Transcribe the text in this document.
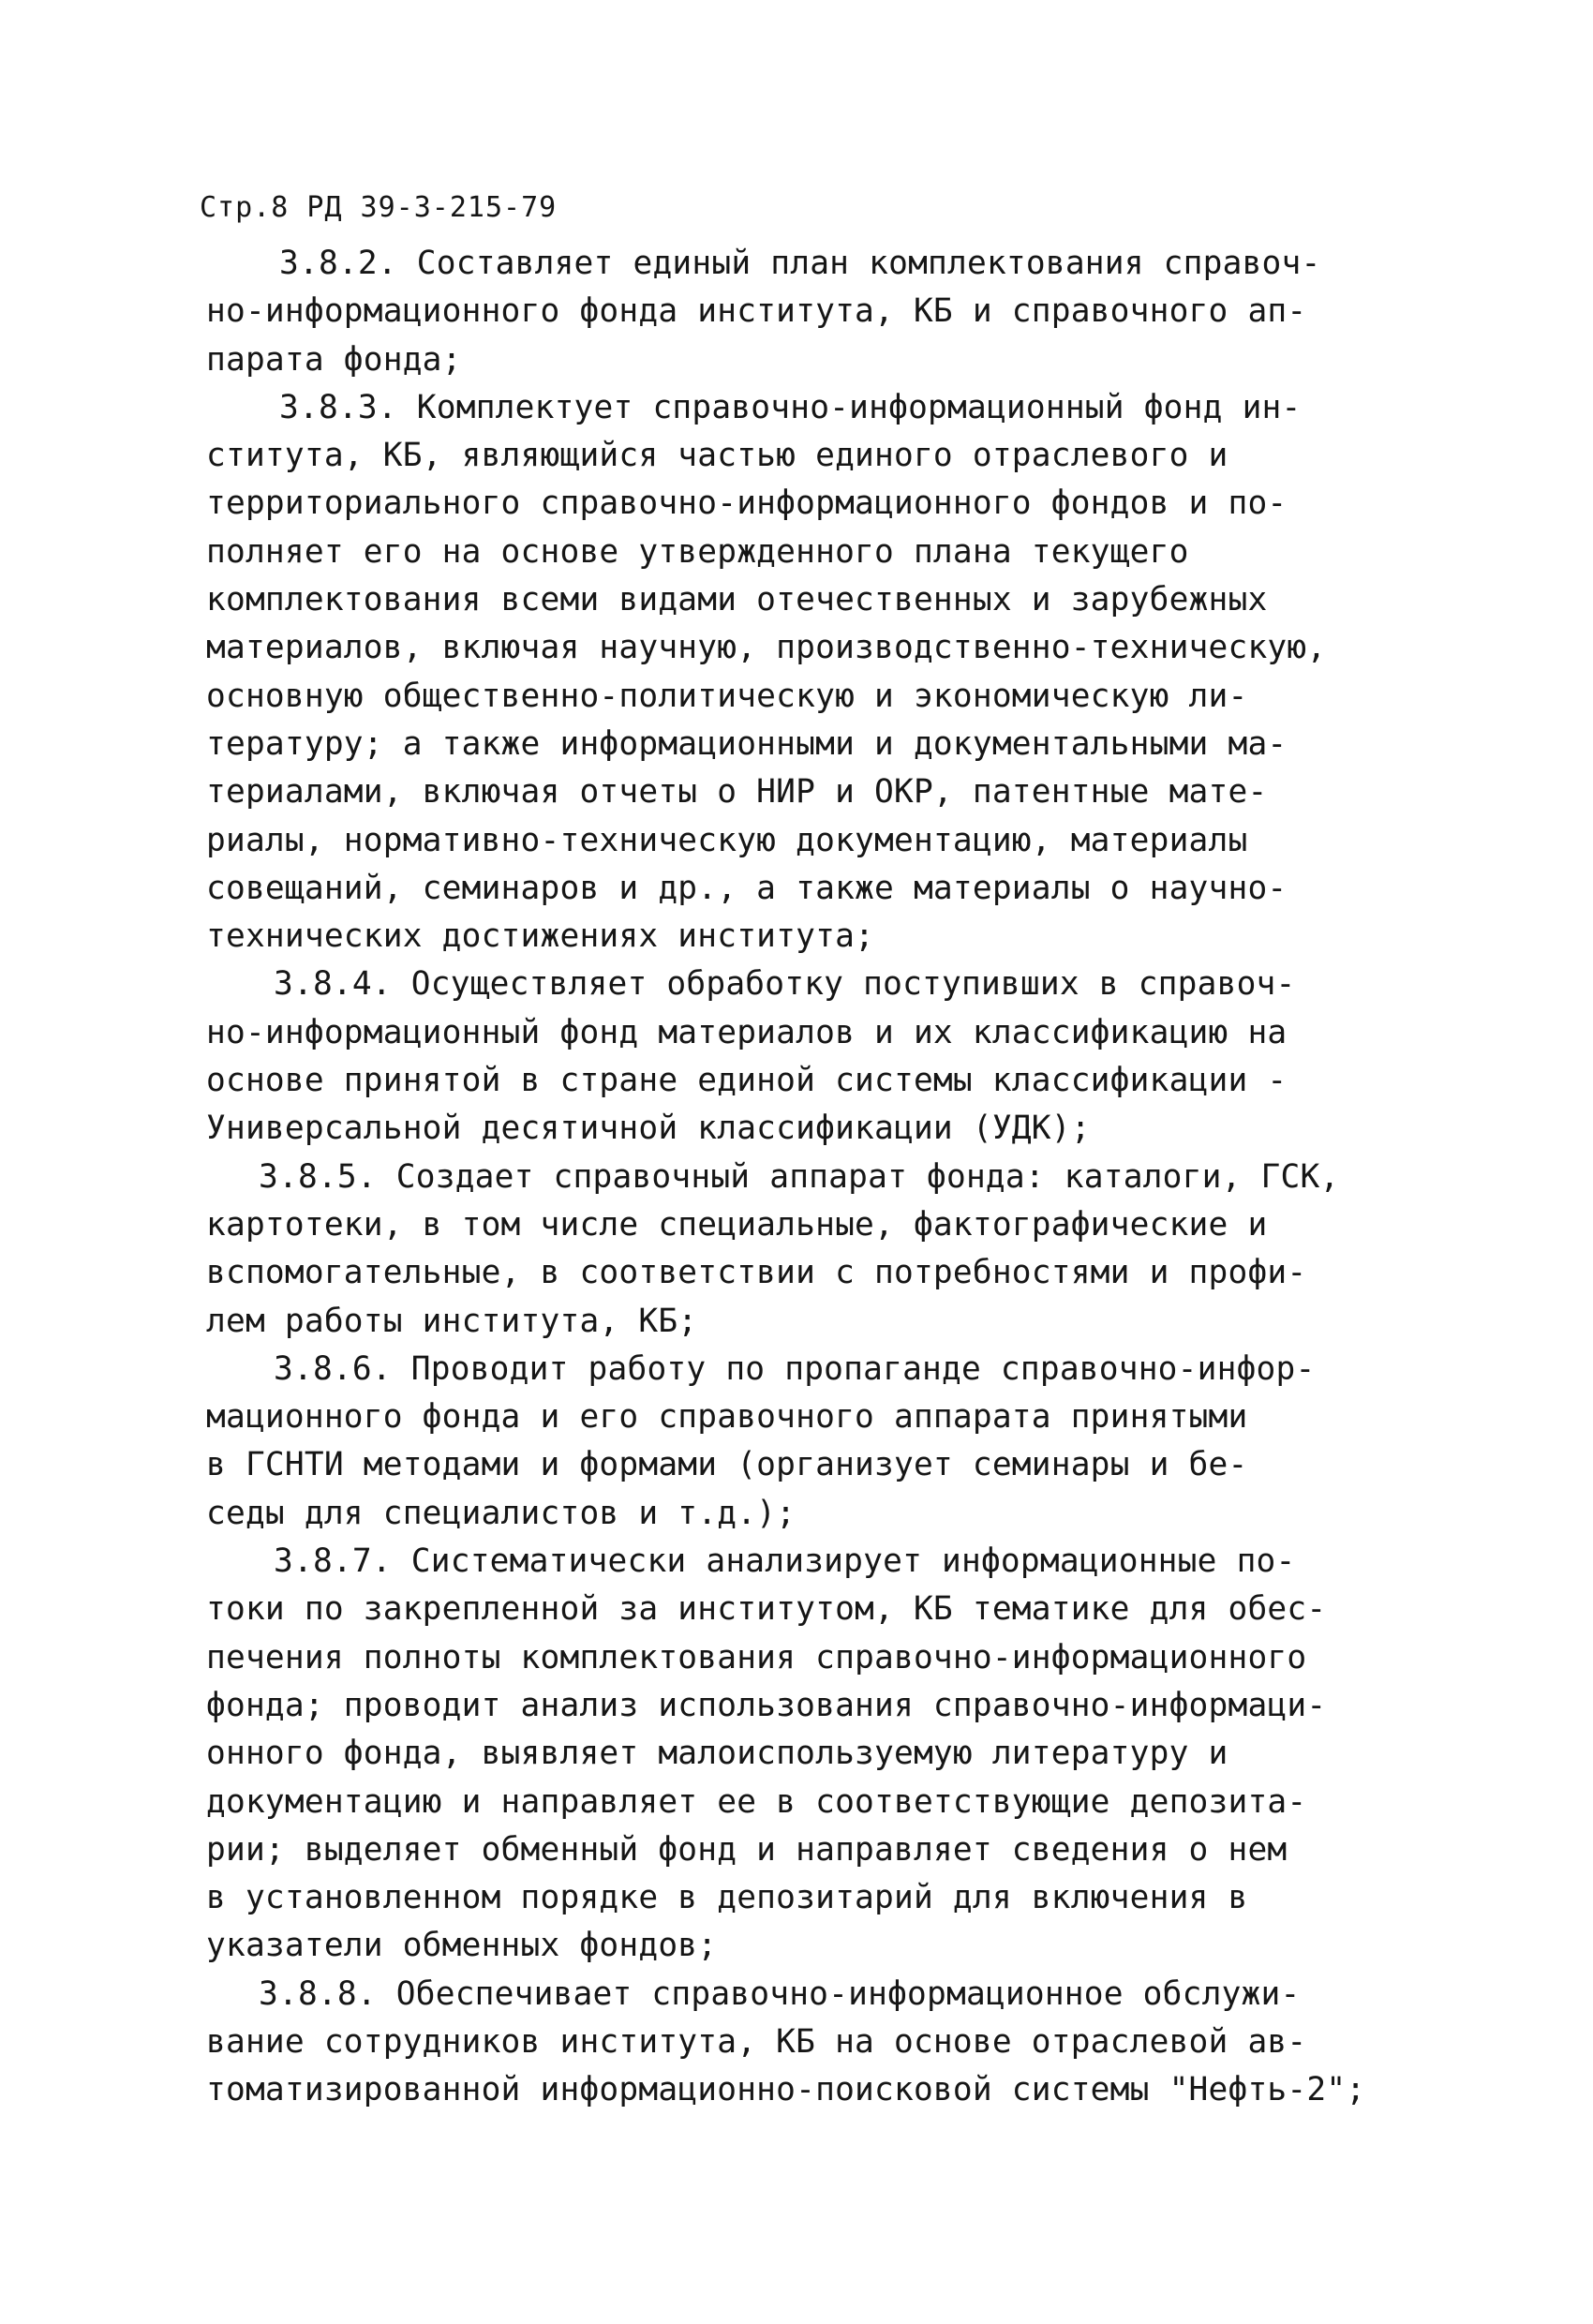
Стр.8 РД 39-3-215-79
3.8.2. Составляет единый план комплектования справоч-
но-информационного фонда института, КБ и справочного ап-
парата фонда;
3.8.3. Комплектует справочно-информационный фонд ин-
ститута, КБ, являющийся частью единого отраслевого и
территориального справочно-информационного фондов и по-
полняет его на основе утвержденного плана текущего
комплектования всеми видами отечественных и зарубежных
материалов, включая научную, производственно-техническую,
основную общественно-политическую и экономическую ли-
тературу; а также информационными и документальными ма-
териалами, включая отчеты о НИР и ОКР, патентные мате-
риалы, нормативно-техническую документацию, материалы
совещаний, семинаров и др., а также материалы о научно-
технических достижениях института;
3.8.4. Осуществляет обработку поступивших в справоч-
но-информационный фонд материалов и их классификацию на
основе принятой в стране единой системы классификации -
Универсальной десятичной классификации (УДК);
3.8.5. Создает справочный аппарат фонда: каталоги, ГСК,
картотеки, в том числе специальные, фактографические и
вспомогательные, в соответствии с потребностями и профи-
лем работы института, КБ;
3.8.6. Проводит работу по пропаганде справочно-инфор-
мационного фонда и его справочного аппарата принятыми
в ГСНТИ методами и формами (организует семинары и бе-
седы для специалистов и т.д.);
3.8.7. Систематически анализирует информационные по-
токи по закрепленной за институтом, КБ тематике для обес-
печения полноты комплектования справочно-информационного
фонда; проводит анализ использования справочно-информаци-
онного фонда, выявляет малоиспользуемую литературу и
документацию и направляет ее в соответствующие депозита-
рии; выделяет обменный фонд и направляет сведения о нем
в установленном порядке в депозитарий для включения в
указатели обменных фондов;
3.8.8. Обеспечивает справочно-информационное обслужи-
вание сотрудников института, КБ на основе отраслевой ав-
томатизированной информационно-поисковой системы "Нефть-2";
